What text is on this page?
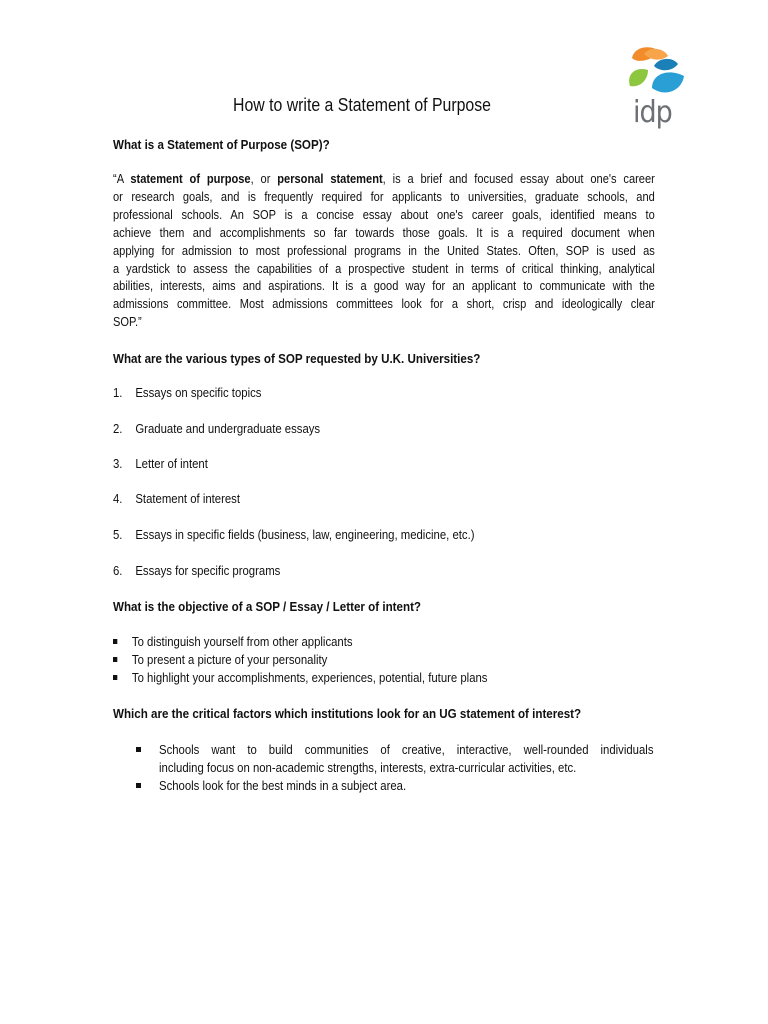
idp
How to write a Statement of Purpose
What is a Statement of Purpose (SOP)?
“A statement of purpose, or personal statement, is a brief and focused essay about one's career
or research goals, and is frequently required for applicants to universities, graduate schools, and
professional schools. An SOP is a concise essay about one's career goals, identified means to
achieve them and accomplishments so far towards those goals. It is a required document when
applying for admission to most professional programs in the United States. Often, SOP is used as
a yardstick to assess the capabilities of a prospective student in terms of critical thinking, analytical
abilities, interests, aims and aspirations. It is a good way for an applicant to communicate with the
admissions committee. Most admissions committees look for a short, crisp and ideologically clear
SOP.”
What are the various types of SOP requested by U.K. Universities?
1. Essays on specific topics
2. Graduate and undergraduate essays
3. Letter of intent
4. Statement of interest
5. Essays in specific fields (business, law, engineering, medicine, etc.)
6. Essays for specific programs
What is the objective of a SOP / Essay / Letter of intent?
To distinguish yourself from other applicants
To present a picture of your personality
To highlight your accomplishments, experiences, potential, future plans
Which are the critical factors which institutions look for an UG statement of interest?
Schools want to build communities of creative, interactive, well-rounded individuals
including focus on non-academic strengths, interests, extra-curricular activities, etc.
Schools look for the best minds in a subject area.
